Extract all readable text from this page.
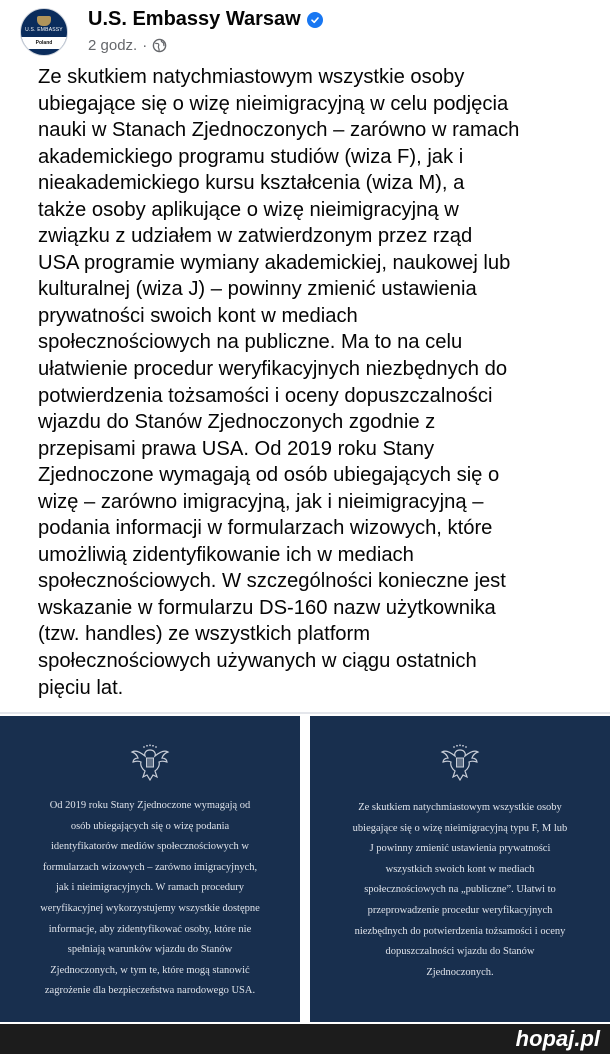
U.S. EMBASSY
Poland
U.S. Embassy Warsaw
2 godz. ·
Ze skutkiem natychmiastowym wszystkie osoby
ubiegające się o wizę nieimigracyjną w celu podjęcia
nauki w Stanach Zjednoczonych – zarówno w ramach
akademickiego programu studiów (wiza F), jak i
nieakademickiego kursu kształcenia (wiza M), a
także osoby aplikujące o wizę nieimigracyjną w
związku z udziałem w zatwierdzonym przez rząd
USA programie wymiany akademickiej, naukowej lub
kulturalnej (wiza J) – powinny zmienić ustawienia
prywatności swoich kont w mediach
społecznościowych na publiczne. Ma to na celu
ułatwienie procedur weryfikacyjnych niezbędnych do
potwierdzenia tożsamości i oceny dopuszczalności
wjazdu do Stanów Zjednoczonych zgodnie z
przepisami prawa USA. Od 2019 roku Stany
Zjednoczone wymagają od osób ubiegających się o
wizę – zarówno imigracyjną, jak i nieimigracyjną –
podania informacji w formularzach wizowych, które
umożliwią zidentyfikowanie ich w mediach
społecznościowych. W szczególności konieczne jest
wskazanie w formularzu DS-160 nazw użytkownika
(tzw. handles) ze wszystkich platform
społecznościowych używanych w ciągu ostatnich
pięciu lat.
Od 2019 roku Stany Zjednoczone wymagają od
osób ubiegających się o wizę podania
identyfikatorów mediów społecznościowych w
formularzach wizowych – zarówno imigracyjnych,
jak i nieimigracyjnych. W ramach procedury
weryfikacyjnej wykorzystujemy wszystkie dostępne
informacje, aby zidentyfikować osoby, które nie
spełniają warunków wjazdu do Stanów
Zjednoczonych, w tym te, które mogą stanowić
zagrożenie dla bezpieczeństwa narodowego USA.
Ze skutkiem natychmiastowym wszystkie osoby
ubiegające się o wizę nieimigracyjną typu F, M lub
J powinny zmienić ustawienia prywatności
wszystkich swoich kont w mediach
społecznościowych na „publiczne”. Ułatwi to
przeprowadzenie procedur weryfikacyjnych
niezbędnych do potwierdzenia tożsamości i oceny
dopuszczalności wjazdu do Stanów
Zjednoczonych.
hopaj.pl
